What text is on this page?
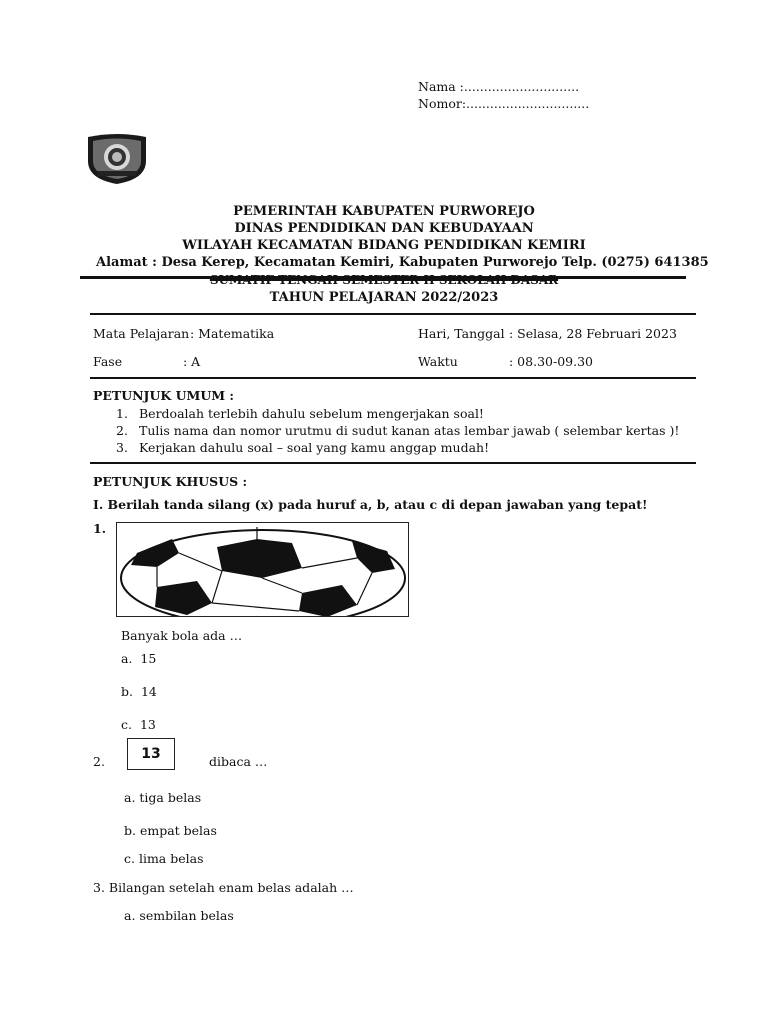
Nama :.............................
Nomor:...............................
PEMERINTAH KABUPATEN PURWOREJO
DINAS PENDIDIKAN DAN KEBUDAYAAN
WILAYAH KECAMATAN BIDANG PENDIDIKAN KEMIRI
Alamat : Desa Kerep, Kecamatan Kemiri, Kabupaten Purworejo Telp. (0275) 641385
SUMATIF TENGAH SEMESTER II SEKOLAH DASAR
TAHUN PELAJARAN 2022/2023
Mata Pelajaran : Matematika	Hari, Tanggal : Selasa, 28 Februari 2023
Fase	: A	Waktu	: 08.30-09.30
PETUNJUK UMUM :
1. Berdoalah terlebih dahulu sebelum mengerjakan soal!
2. Tulis nama dan nomor urutmu di sudut kanan atas lembar jawab ( selembar kertas )!
3. Kerjakan dahulu soal – soal yang kamu anggap mudah!
PETUNJUK KHUSUS :
I. Berilah tanda silang (x) pada huruf a, b, atau c di depan jawaban yang tepat!
1.
Banyak bola ada …
a. 15
b. 14
c. 13
2.	13	dibaca …
a. tiga belas
b. empat belas
c. lima belas
3. Bilangan setelah enam belas adalah …
a. sembilan belas
